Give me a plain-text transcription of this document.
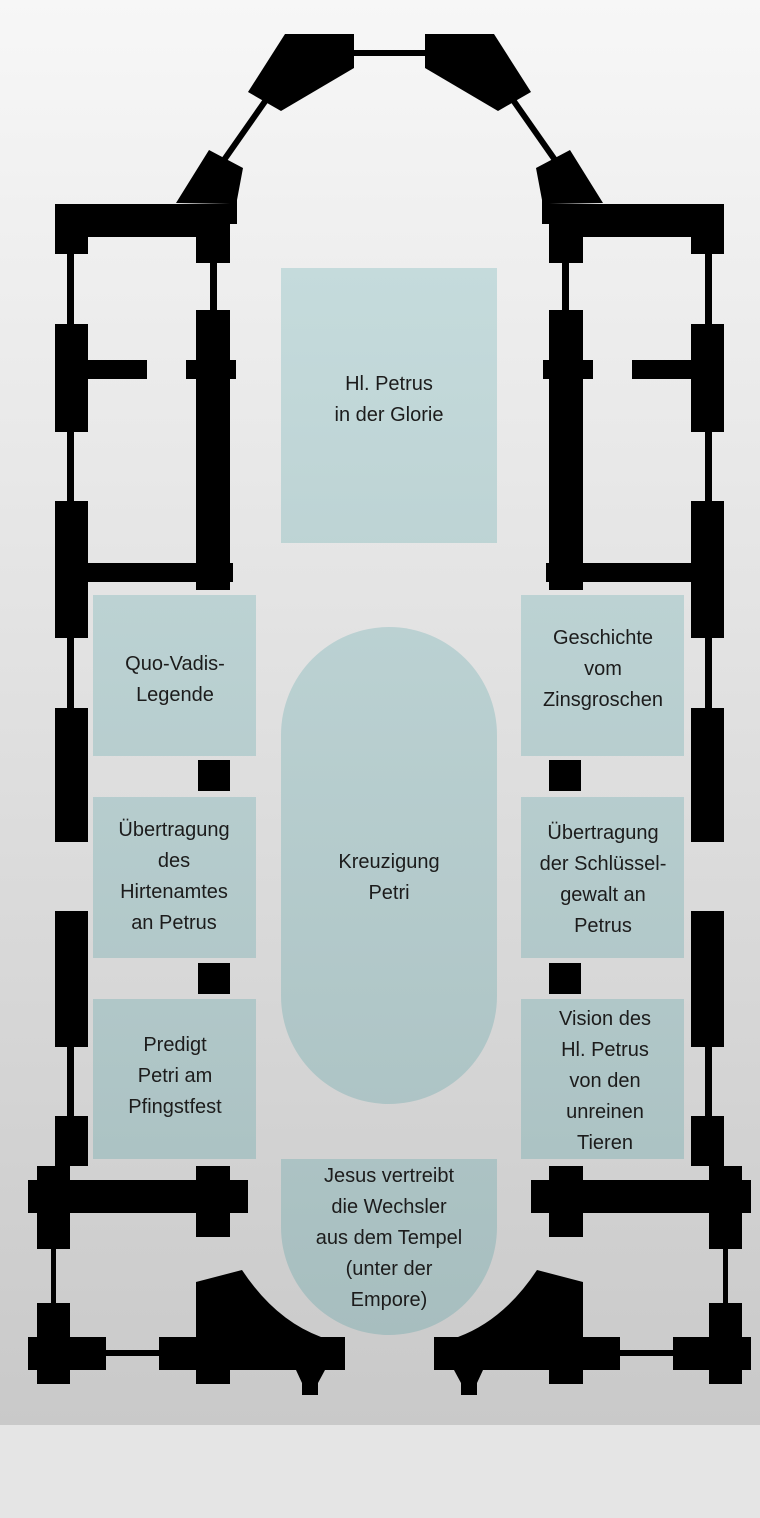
Hl. Petrus
in der Glorie
Quo-Vadis-
Legende
Geschichte
vom
Zinsgroschen
Übertragung
des
Hirtenamtes
an Petrus
Kreuzigung
Petri
Übertragung
der Schlüssel-
gewalt an
Petrus
Predigt
Petri am
Pfingstfest
Vision des
Hl. Petrus
von den
unreinen
Tieren
Jesus vertreibt
die Wechsler
aus dem Tempel
(unter der
Empore)
